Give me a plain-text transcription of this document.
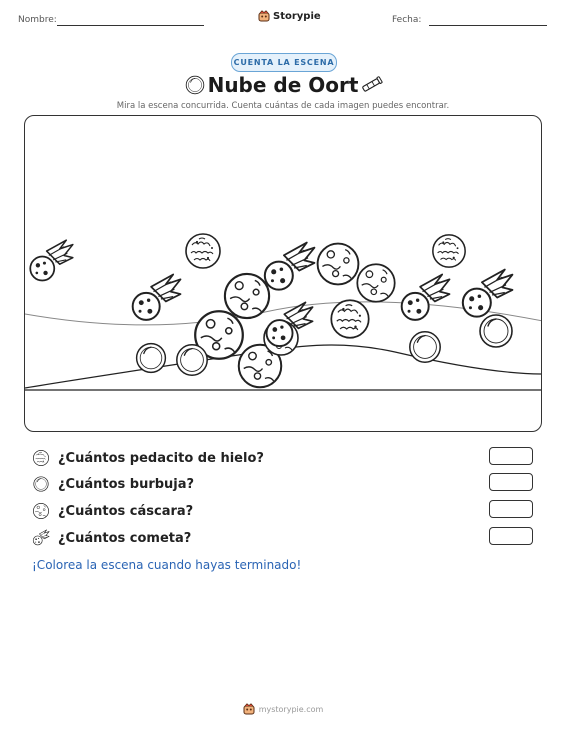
Nombre:	Storypie	Fecha:
CUENTA LA ESCENA
Nube de Oort
Mira la escena concurrida. Cuenta cuántas de cada imagen puedes encontrar.
¿Cuántos pedacito de hielo?
¿Cuántos burbuja?
¿Cuántos cáscara?
¿Cuántos cometa?
¡Colorea la escena cuando hayas terminado!
mystorypie.com
